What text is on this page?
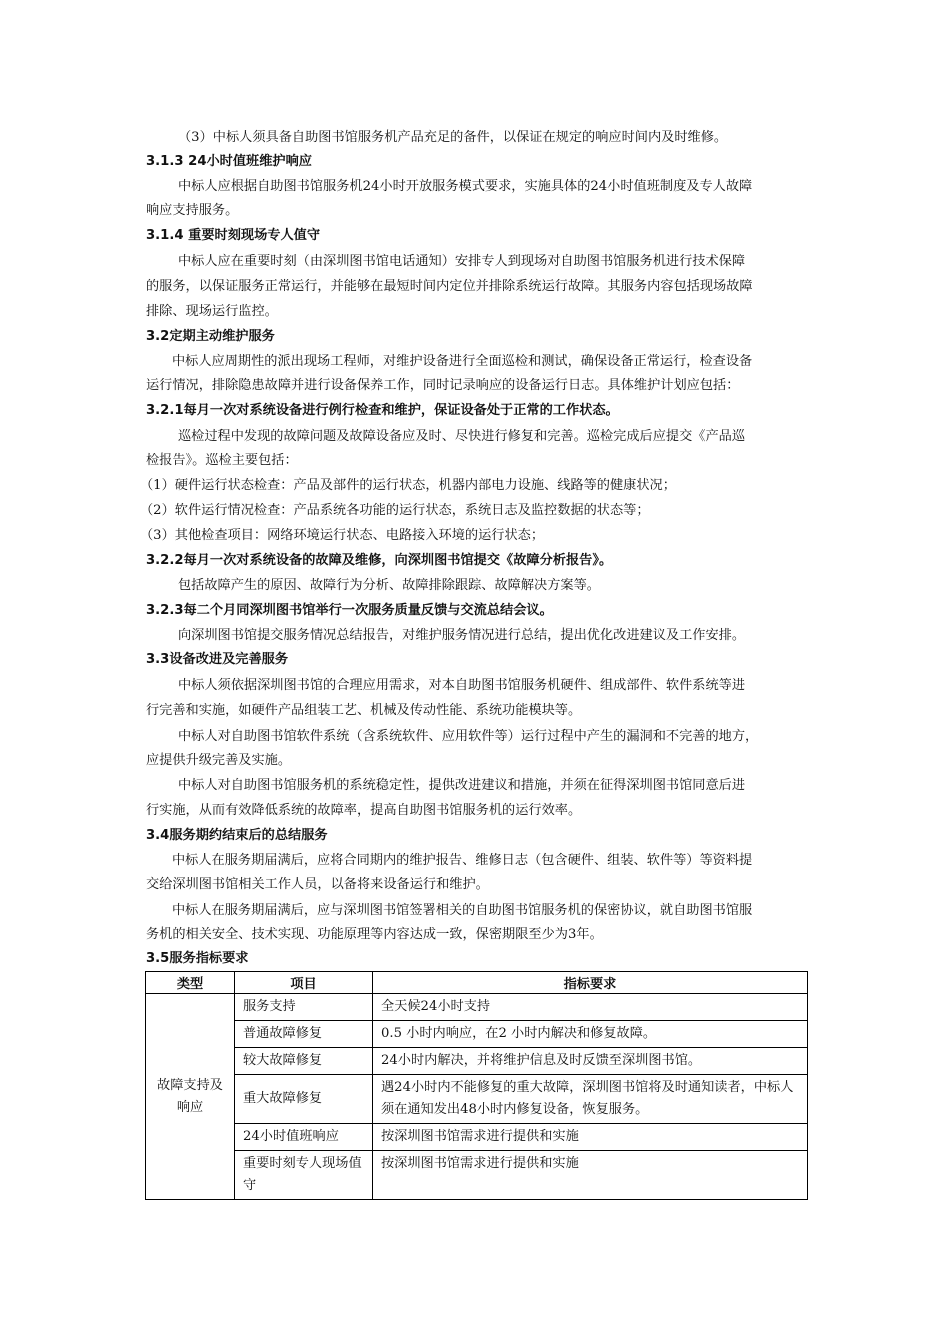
（3）中标人须具备自助图书馆服务机产品充足的备件，以保证在规定的响应时间内及时维修。
3.1.3 24小时值班维护响应
中标人应根据自助图书馆服务机24小时开放服务模式要求，实施具体的24小时值班制度及专人故障
响应支持服务。
3.1.4 重要时刻现场专人值守
中标人应在重要时刻（由深圳图书馆电话通知）安排专人到现场对自助图书馆服务机进行技术保障
的服务，以保证服务正常运行，并能够在最短时间内定位并排除系统运行故障。其服务内容包括现场故障
排除、现场运行监控。
3.2定期主动维护服务
中标人应周期性的派出现场工程师，对维护设备进行全面巡检和测试，确保设备正常运行，检查设备
运行情况，排除隐患故障并进行设备保养工作，同时记录响应的设备运行日志。具体维护计划应包括：
3.2.1每月一次对系统设备进行例行检查和维护，保证设备处于正常的工作状态。
巡检过程中发现的故障问题及故障设备应及时、尽快进行修复和完善。巡检完成后应提交《产品巡
检报告》。巡检主要包括：
（1）硬件运行状态检查：产品及部件的运行状态，机器内部电力设施、线路等的健康状况；
（2）软件运行情况检查：产品系统各功能的运行状态，系统日志及监控数据的状态等；
（3）其他检查项目：网络环境运行状态、电路接入环境的运行状态；
3.2.2每月一次对系统设备的故障及维修，向深圳图书馆提交《故障分析报告》。
包括故障产生的原因、故障行为分析、故障排除跟踪、故障解决方案等。
3.2.3每二个月同深圳图书馆举行一次服务质量反馈与交流总结会议。
向深圳图书馆提交服务情况总结报告，对维护服务情况进行总结，提出优化改进建议及工作安排。
3.3设备改进及完善服务
中标人须依据深圳图书馆的合理应用需求，对本自助图书馆服务机硬件、组成部件、软件系统等进
行完善和实施，如硬件产品组装工艺、机械及传动性能、系统功能模块等。
中标人对自助图书馆软件系统（含系统软件、应用软件等）运行过程中产生的漏洞和不完善的地方，
应提供升级完善及实施。
中标人对自助图书馆服务机的系统稳定性，提供改进建议和措施，并须在征得深圳图书馆同意后进
行实施，从而有效降低系统的故障率，提高自助图书馆服务机的运行效率。
3.4服务期约结束后的总结服务
中标人在服务期届满后，应将合同期内的维护报告、维修日志（包含硬件、组装、软件等）等资料提
交给深圳图书馆相关工作人员，以备将来设备运行和维护。
中标人在服务期届满后，应与深圳图书馆签署相关的自助图书馆服务机的保密协议，就自助图书馆服
务机的相关安全、技术实现、功能原理等内容达成一致，保密期限至少为3年。
3.5服务指标要求
类型	项目	指标要求
故障支持及响应	服务支持	全天候24小时支持
	普通故障修复	0.5 小时内响应，在2 小时内解决和修复故障。
	较大故障修复	24小时内解决，并将维护信息及时反馈至深圳图书馆。
	重大故障修复	遇24小时内不能修复的重大故障，深圳图书馆将及时通知读者，中标人须在通知发出48小时内修复设备，恢复服务。
	24小时值班响应	按深圳图书馆需求进行提供和实施
	重要时刻专人现场值守	按深圳图书馆需求进行提供和实施
